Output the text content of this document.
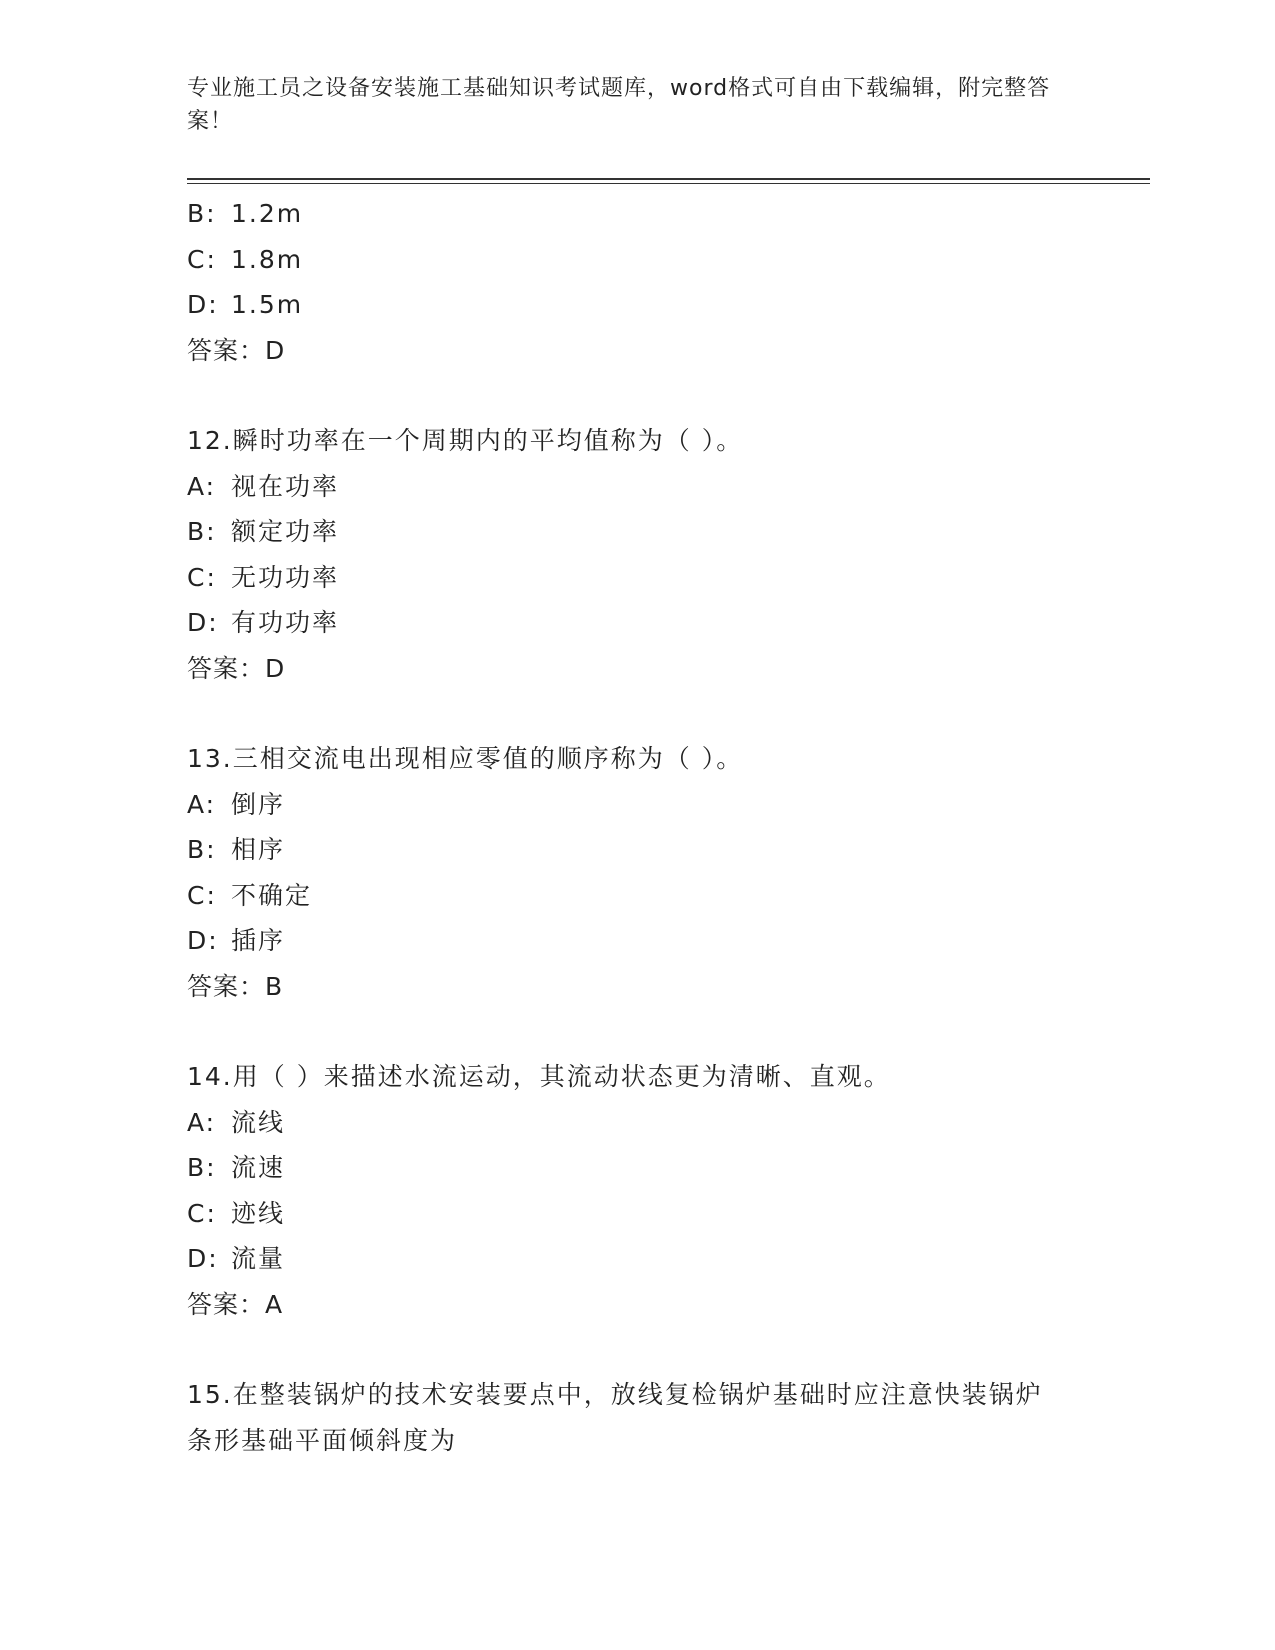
专业施工员之设备安装施工基础知识考试题库，word格式可自由下载编辑，附完整答案！
B: 1.2m
C: 1.8m
D: 1.5m
答案：D
12.瞬时功率在一个周期内的平均值称为（ ）。
A: 视在功率
B: 额定功率
C: 无功功率
D: 有功功率
答案：D
13.三相交流电出现相应零值的顺序称为（ ）。
A: 倒序
B: 相序
C: 不确定
D: 插序
答案：B
14.用（ ）来描述水流运动，其流动状态更为清晰、直观。
A: 流线
B: 流速
C: 迹线
D: 流量
答案：A
15.在整装锅炉的技术安装要点中，放线复检锅炉基础时应注意快装锅炉条形基础平面倾斜度为
